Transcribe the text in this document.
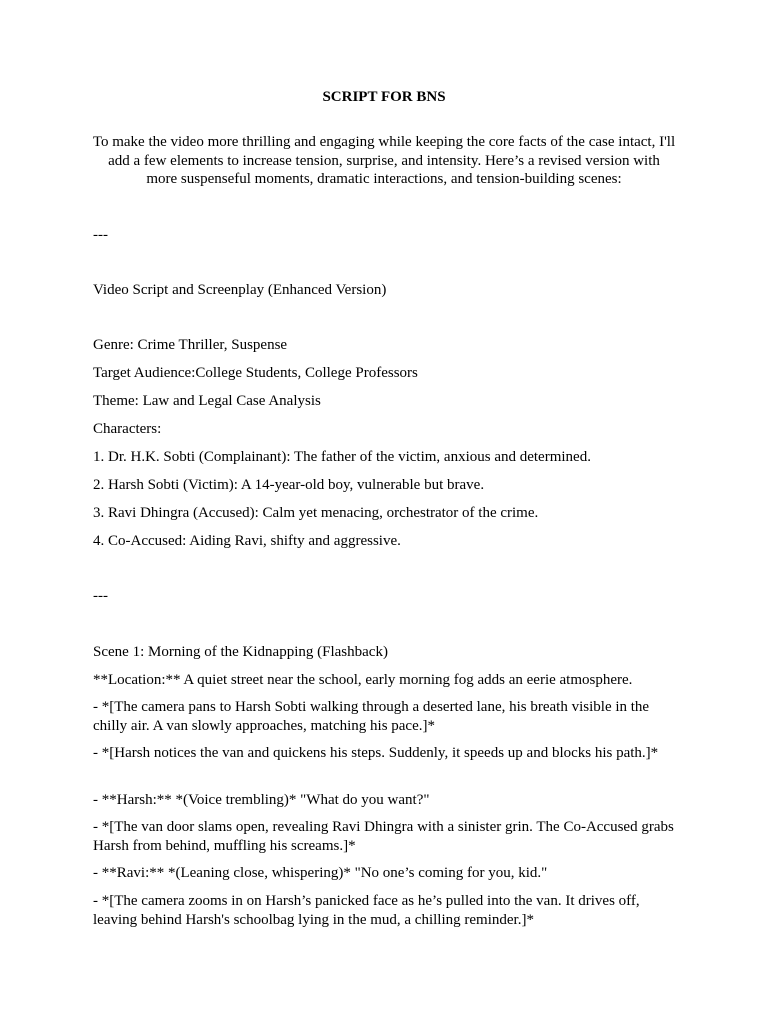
SCRIPT FOR BNS

To make the video more thrilling and engaging while keeping the core facts of the case intact, I'll add a few elements to increase tension, surprise, and intensity. Here’s a revised version with more suspenseful moments, dramatic interactions, and tension-building scenes:

---

Video Script and Screenplay (Enhanced Version)

Genre: Crime Thriller, Suspense

Target Audience:College Students, College Professors

Theme: Law and Legal Case Analysis

Characters:

1. Dr. H.K. Sobti (Complainant): The father of the victim, anxious and determined.

2. Harsh Sobti (Victim): A 14-year-old boy, vulnerable but brave.

3. Ravi Dhingra (Accused): Calm yet menacing, orchestrator of the crime.

4. Co-Accused: Aiding Ravi, shifty and aggressive.

---

Scene 1: Morning of the Kidnapping (Flashback)

**Location:** A quiet street near the school, early morning fog adds an eerie atmosphere.

- *[The camera pans to Harsh Sobti walking through a deserted lane, his breath visible in the chilly air. A van slowly approaches, matching his pace.]*

- *[Harsh notices the van and quickens his steps. Suddenly, it speeds up and blocks his path.]*

- **Harsh:** *(Voice trembling)* "What do you want?"

- *[The van door slams open, revealing Ravi Dhingra with a sinister grin. The Co-Accused grabs Harsh from behind, muffling his screams.]*

- **Ravi:** *(Leaning close, whispering)* "No one’s coming for you, kid."

- *[The camera zooms in on Harsh’s panicked face as he’s pulled into the van. It drives off, leaving behind Harsh's schoolbag lying in the mud, a chilling reminder.]*
